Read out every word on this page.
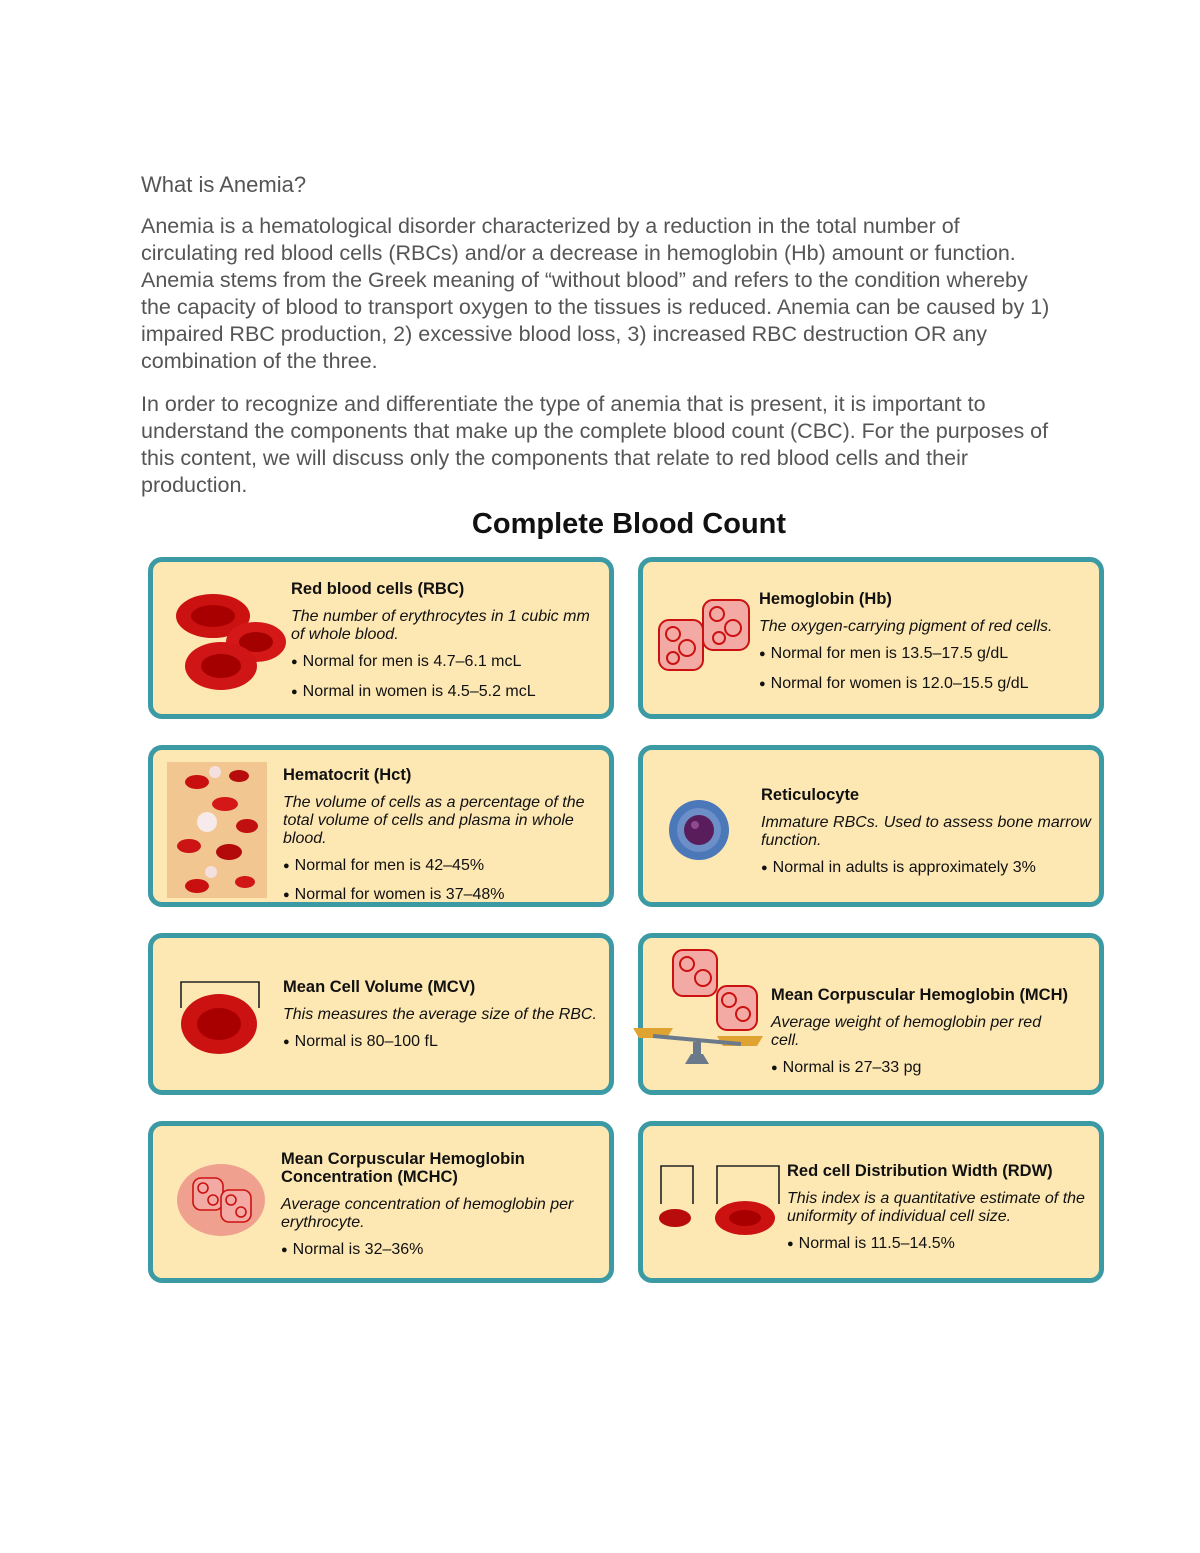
What is Anemia?

Anemia is a hematological disorder characterized by a reduction in the total number of circulating red blood cells (RBCs) and/or a decrease in hemoglobin (Hb) amount or function. Anemia stems from the Greek meaning of “without blood” and refers to the condition whereby the capacity of blood to transport oxygen to the tissues is reduced. Anemia can be caused by 1) impaired RBC production, 2) excessive blood loss, 3) increased RBC destruction OR any combination of the three.

In order to recognize and differentiate the type of anemia that is present, it is important to understand the components that make up the complete blood count (CBC). For the purposes of this content, we will discuss only the components that relate to red blood cells and their production.

Complete Blood Count
Red blood cells (RBC)

The number of erythrocytes in 1 cubic mm of whole blood.

● Normal for men is 4.7–6.1 mcL
● Normal in women is 4.5–5.2 mcL
Hemoglobin (Hb)

The oxygen-carrying pigment of red cells.

● Normal for men is 13.5–17.5 g/dL
● Normal for women is 12.0–15.5 g/dL
Hematocrit (Hct)

The volume of cells as a percentage of the total volume of cells and plasma in whole blood.

● Normal for men is 42–45%
● Normal for women is 37–48%
Reticulocyte

Immature RBCs. Used to assess bone marrow function.

● Normal in adults is approximately 3%
Mean Cell Volume (MCV)

This measures the average size of the RBC.

● Normal is 80–100 fL
Mean Corpuscular Hemoglobin (MCH)

Average weight of hemoglobin per red cell.

● Normal is 27–33 pg
Mean Corpuscular Hemoglobin Concentration (MCHC)

Average concentration of hemoglobin per erythrocyte.

● Normal is 32–36%
Red cell Distribution Width (RDW)

This index is a quantitative estimate of the uniformity of individual cell size.

● Normal is 11.5–14.5%
